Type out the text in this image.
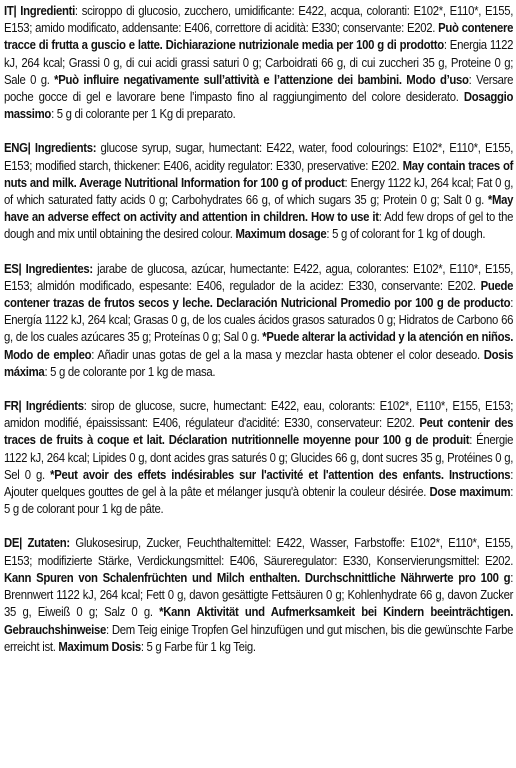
IT| Ingredienti: sciroppo di glucosio, zucchero, umidificante: E422, acqua, coloranti: E102*, E110*, E155, E153; amido modificato, addensante: E406, correttore di acidità: E330; conservante: E202. Può contenere tracce di frutta a guscio e latte. Dichiarazione nutrizionale media per 100 g di prodotto: Energia 1122 kJ, 264 kcal; Grassi 0 g, di cui acidi grassi saturi 0 g; Carboidrati 66 g, di cui zuccheri 35 g, Proteine 0 g; Sale 0 g. *Può influire negativamente sull’attività e l’attenzione dei bambini. Modo d’uso: Versare poche gocce di gel e lavorare bene l’impasto fino al raggiungimento del colore desiderato. Dosaggio massimo: 5 g di colorante per 1 Kg di preparato.

ENG| Ingredients: glucose syrup, sugar, humectant: E422, water, food colourings: E102*, E110*, E155, E153; modified starch, thickener: E406, acidity regulator: E330, preservative: E202. May contain traces of nuts and milk. Average Nutritional Information for 100 g of product: Energy 1122 kJ, 264 kcal; Fat 0 g, of which saturated fatty acids 0 g; Carbohydrates 66 g, of which sugars 35 g; Protein 0 g; Salt 0 g. *May have an adverse effect on activity and attention in children. How to use it: Add few drops of gel to the dough and mix until obtaining the desired colour. Maximum dosage: 5 g of colorant for 1 kg of dough.

ES| Ingredientes: jarabe de glucosa, azúcar, humectante: E422, agua, colorantes: E102*, E110*, E155, E153; almidón modificado, espesante: E406, regulador de la acidez: E330, conservante: E202. Puede contener trazas de frutos secos y leche. Declaración Nutricional Promedio por 100 g de producto: Energía 1122 kJ, 264 kcal; Grasas 0 g, de los cuales ácidos grasos saturados 0 g; Hidratos de Carbono 66 g, de los cuales azúcares 35 g; Proteínas 0 g; Sal 0 g. *Puede alterar la actividad y la atención en niños. Modo de empleo: Añadir unas gotas de gel a la masa y mezclar hasta obtener el color deseado. Dosis máxima: 5 g de colorante por 1 kg de masa.

FR| Ingrédients: sirop de glucose, sucre, humectant: E422, eau, colorants: E102*, E110*, E155, E153; amidon modifié, épaississant: E406, régulateur d'acidité: E330, conservateur: E202. Peut contenir des traces de fruits à coque et lait. Déclaration nutritionnelle moyenne pour 100 g de produit: Énergie 1122 kJ, 264 kcal; Lipides 0 g, dont acides gras saturés 0 g; Glucides 66 g, dont sucres 35 g, Protéines 0 g, Sel 0 g. *Peut avoir des effets indésirables sur l'activité et l'attention des enfants. Instructions: Ajouter quelques gouttes de gel à la pâte et mélanger jusqu'à obtenir la couleur désirée. Dose maximum: 5 g de colorant pour 1 kg de pâte.

DE| Zutaten: Glukosesirup, Zucker, Feuchthaltemittel: E422, Wasser, Farbstoffe: E102*, E110*, E155, E153; modifizierte Stärke, Verdickungsmittel: E406, Säureregulator: E330, Konservierungsmittel: E202. Kann Spuren von Schalenfrüchten und Milch enthalten. Durchschnittliche Nährwerte pro 100 g: Brennwert 1122 kJ, 264 kcal; Fett 0 g, davon gesättigte Fettsäuren 0 g; Kohlenhydrate 66 g, davon Zucker 35 g, Eiweiß 0 g; Salz 0 g. *Kann Aktivität und Aufmerksamkeit bei Kindern beeinträchtigen. Gebrauchshinweise: Dem Teig einige Tropfen Gel hinzufügen und gut mischen, bis die gewünschte Farbe erreicht ist. Maximum Dosis: 5 g Farbe für 1 kg Teig.
